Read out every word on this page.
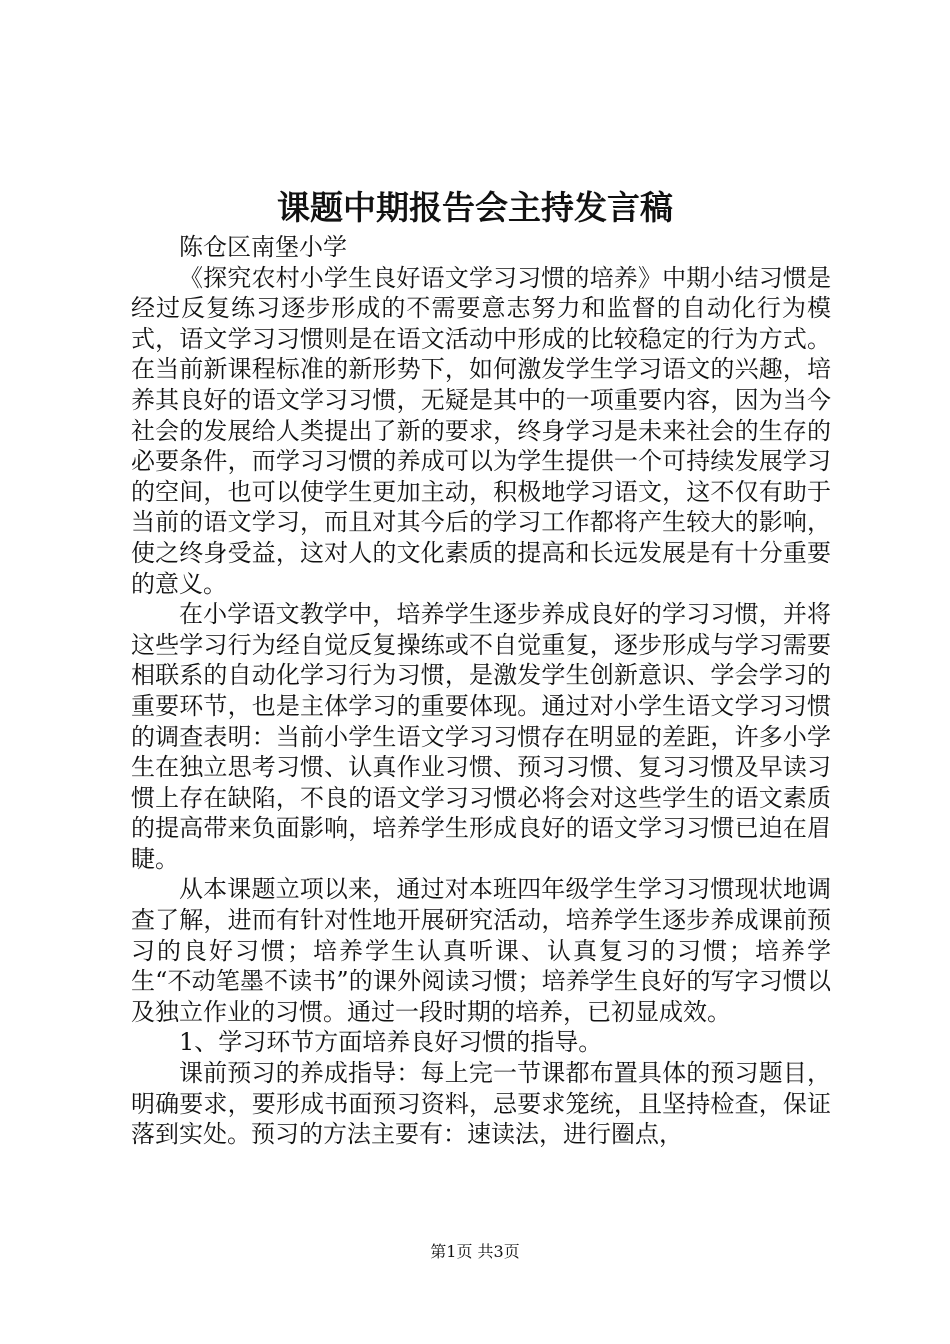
课题中期报告会主持发言稿

陈仓区南堡小学

《探究农村小学生良好语文学习习惯的培养》中期小结习惯是经过反复练习逐步形成的不需要意志努力和监督的自动化行为模式，语文学习习惯则是在语文活动中形成的比较稳定的行为方式。在当前新课程标准的新形势下，如何激发学生学习语文的兴趣，培养其良好的语文学习习惯，无疑是其中的一项重要内容，因为当今社会的发展给人类提出了新的要求，终身学习是未来社会的生存的必要条件，而学习习惯的养成可以为学生提供一个可持续发展学习的空间，也可以使学生更加主动，积极地学习语文，这不仅有助于当前的语文学习，而且对其今后的学习工作都将产生较大的影响，使之终身受益，这对人的文化素质的提高和长远发展是有十分重要的意义。

在小学语文教学中，培养学生逐步养成良好的学习习惯，并将这些学习行为经自觉反复操练或不自觉重复，逐步形成与学习需要相联系的自动化学习行为习惯，是激发学生创新意识、学会学习的重要环节，也是主体学习的重要体现。通过对小学生语文学习习惯的调查表明：当前小学生语文学习习惯存在明显的差距，许多小学生在独立思考习惯、认真作业习惯、预习习惯、复习习惯及早读习惯上存在缺陷，不良的语文学习习惯必将会对这些学生的语文素质的提高带来负面影响，培养学生形成良好的语文学习习惯已迫在眉睫。

从本课题立项以来，通过对本班四年级学生学习习惯现状地调查了解，进而有针对性地开展研究活动，培养学生逐步养成课前预习的良好习惯；培养学生认真听课、认真复习的习惯；培养学生“不动笔墨不读书”的课外阅读习惯；培养学生良好的写字习惯以及独立作业的习惯。通过一段时期的培养，已初显成效。

1、学习环节方面培养良好习惯的指导。

课前预习的养成指导：每上完一节课都布置具体的预习题目，明确要求，要形成书面预习资料，忌要求笼统，且坚持检查，保证落到实处。预习的方法主要有：速读法，进行圈点，

第1页 共3页
